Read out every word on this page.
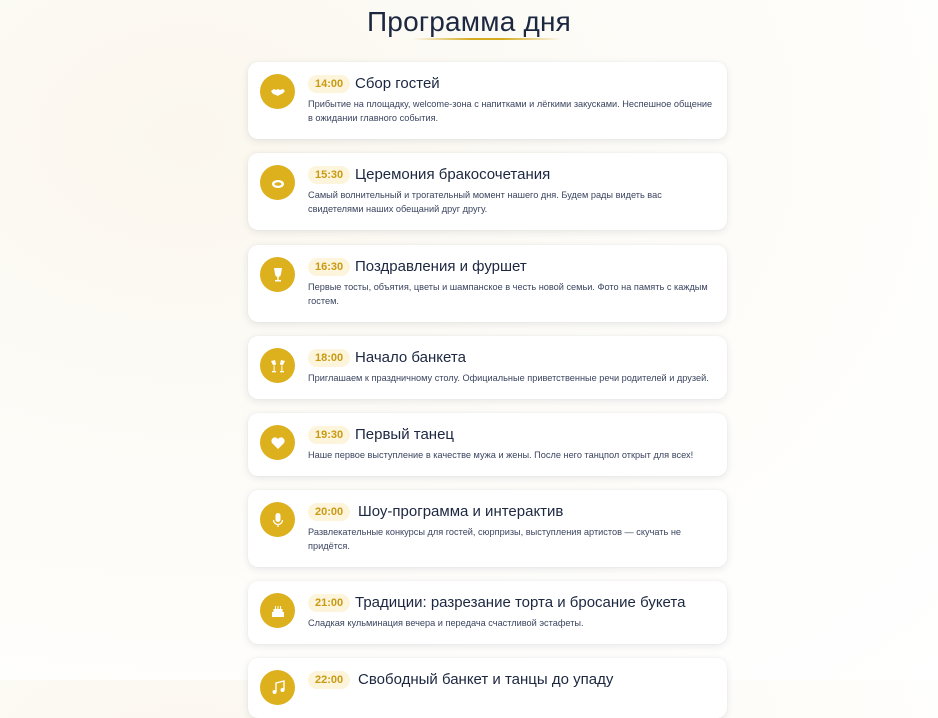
Программа дня
14:00 Сбор гостей
Прибытие на площадку, welcome-зона с напитками и лёгкими закусками. Неспешное общение в ожидании главного события.
15:30 Церемония бракосочетания
Самый волнительный и трогательный момент нашего дня. Будем рады видеть вас свидетелями наших обещаний друг другу.
16:30 Поздравления и фуршет
Первые тосты, объятия, цветы и шампанское в честь новой семьи. Фото на память с каждым гостем.
18:00 Начало банкета
Приглашаем к праздничному столу. Официальные приветственные речи родителей и друзей.
19:30 Первый танец
Наше первое выступление в качестве мужа и жены. После него танцпол открыт для всех!
20:00 Шоу-программа и интерактив
Развлекательные конкурсы для гостей, сюрпризы, выступления артистов — скучать не придётся.
21:00 Традиции: разрезание торта и бросание букета
Сладкая кульминация вечера и передача счастливой эстафеты.
22:00 Свободный банкет и танцы до упаду
